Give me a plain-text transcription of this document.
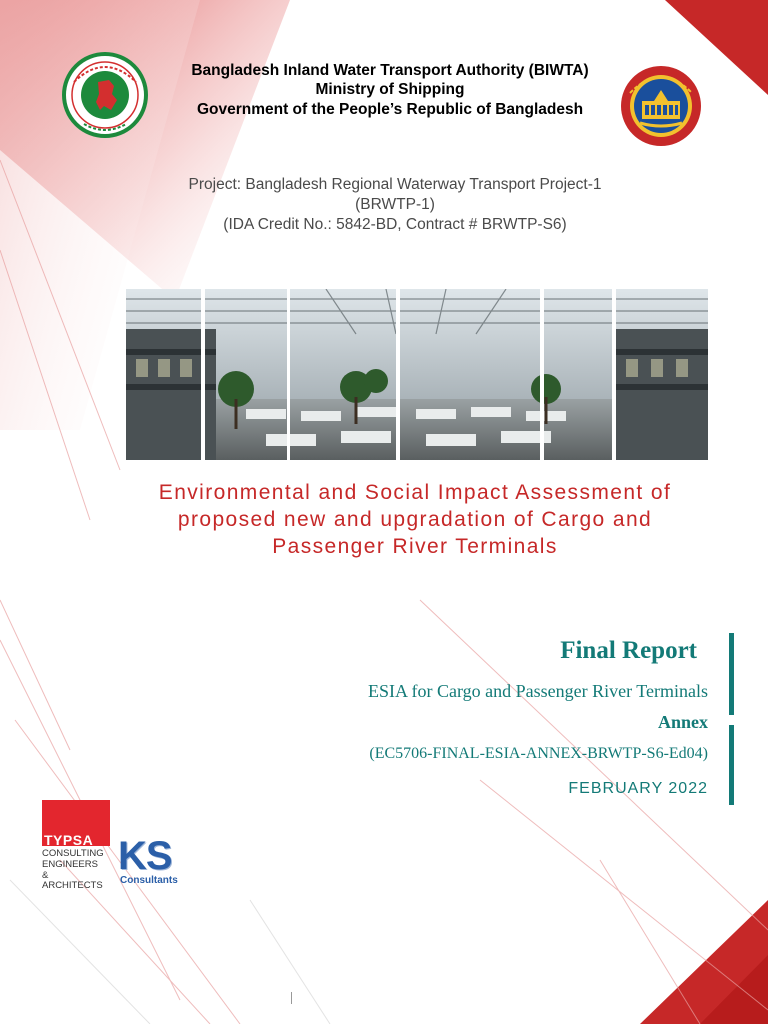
Bangladesh Inland Water Transport Authority (BIWTA)
Ministry of Shipping
Government of the People’s Republic of Bangladesh
Project: Bangladesh Regional Waterway Transport Project-1
(BRWTP-1)
(IDA Credit No.: 5842-BD, Contract # BRWTP-S6)
Environmental and Social Impact Assessment of
proposed new and upgradation of Cargo and
Passenger River Terminals
Final Report
ESIA for Cargo and Passenger River Terminals
Annex
(EC5706-FINAL-ESIA-ANNEX-BRWTP-S6-Ed04)
FEBRUARY 2022
TYPSA
CONSULTING
ENGINEERS
& ARCHITECTS
KS
Consultants
